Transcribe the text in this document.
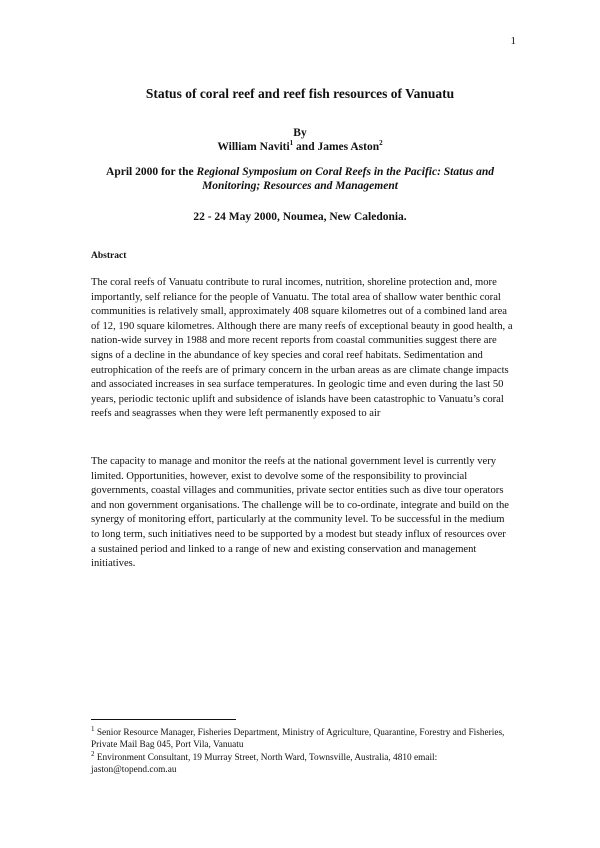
1
Status of coral reef and reef fish resources of Vanuatu
By
William Naviti$^1$ and James Aston$^2$
April 2000 for the Regional Symposium on Coral Reefs in the Pacific: Status and Monitoring; Resources and Management
22 - 24 May 2000, Noumea, New Caledonia.
Abstract

The coral reefs of Vanuatu contribute to rural incomes, nutrition, shoreline protection and, more importantly, self reliance for the people of Vanuatu. The total area of shallow water benthic coral communities is relatively small, approximately 408 square kilometres out of a combined land area of 12, 190 square kilometres. Although there are many reefs of exceptional beauty in good health, a nation-wide survey in 1988 and more recent reports from coastal communities suggest there are signs of a decline in the abundance of key species and coral reef habitats. Sedimentation and eutrophication of the reefs are of primary concern in the urban areas as are climate change impacts and associated increases in sea surface temperatures. In geologic time and even during the last 50 years, periodic tectonic uplift and subsidence of islands have been catastrophic to Vanuatu’s coral reefs and seagrasses when they were left permanently exposed to air

The capacity to manage and monitor the reefs at the national government level is currently very limited. Opportunities, however, exist to devolve some of the responsibility to provincial governments, coastal villages and communities, private sector entities such as dive tour operators and non government organisations. The challenge will be to co-ordinate, integrate and build on the synergy of monitoring effort, particularly at the community level. To be successful in the medium to long term, such initiatives need to be supported by a modest but steady influx of resources over a sustained period and linked to a range of new and existing conservation and management initiatives.

$^1$ Senior Resource Manager, Fisheries Department, Ministry of Agriculture, Quarantine, Forestry and Fisheries, Private Mail Bag 045, Port Vila, Vanuatu
$^2$ Environment Consultant, 19 Murray Street, North Ward, Townsville, Australia, 4810 email: jaston@topend.com.au
